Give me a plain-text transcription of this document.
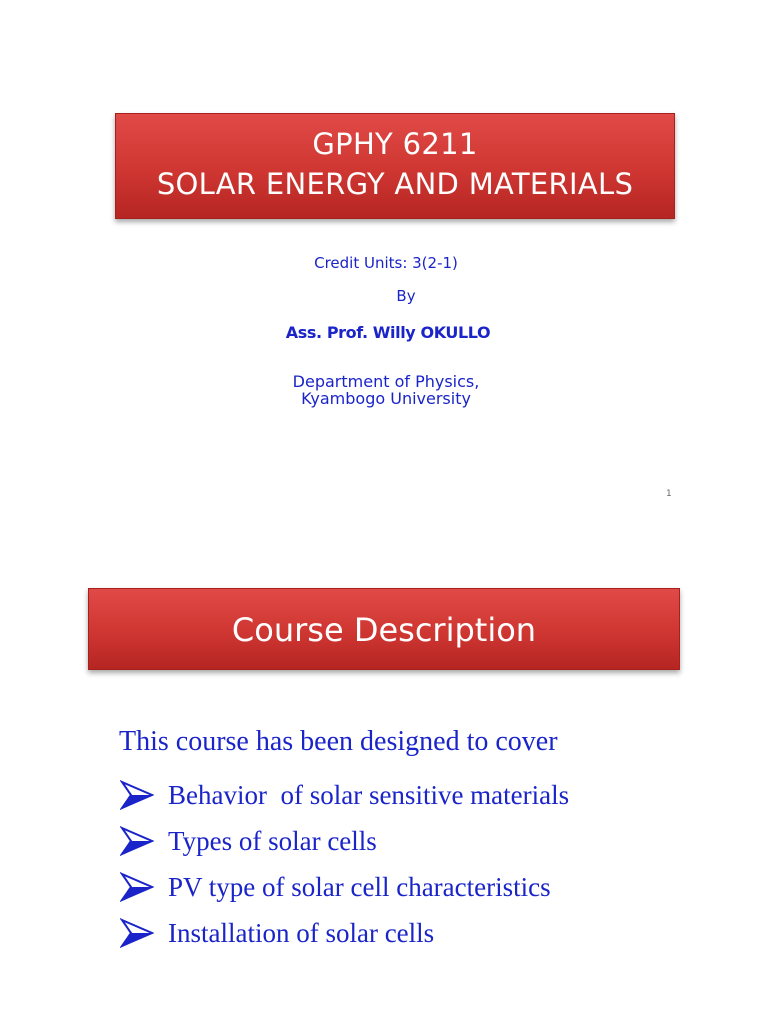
GPHY 6211
SOLAR ENERGY AND MATERIALS
Credit Units: 3(2-1)
By
Ass. Prof. Willy OKULLO
Department of Physics,
Kyambogo University
1
Course Description
This course has been designed to cover
Behavior  of solar sensitive materials
Types of solar cells
PV type of solar cell characteristics
Installation of solar cells
